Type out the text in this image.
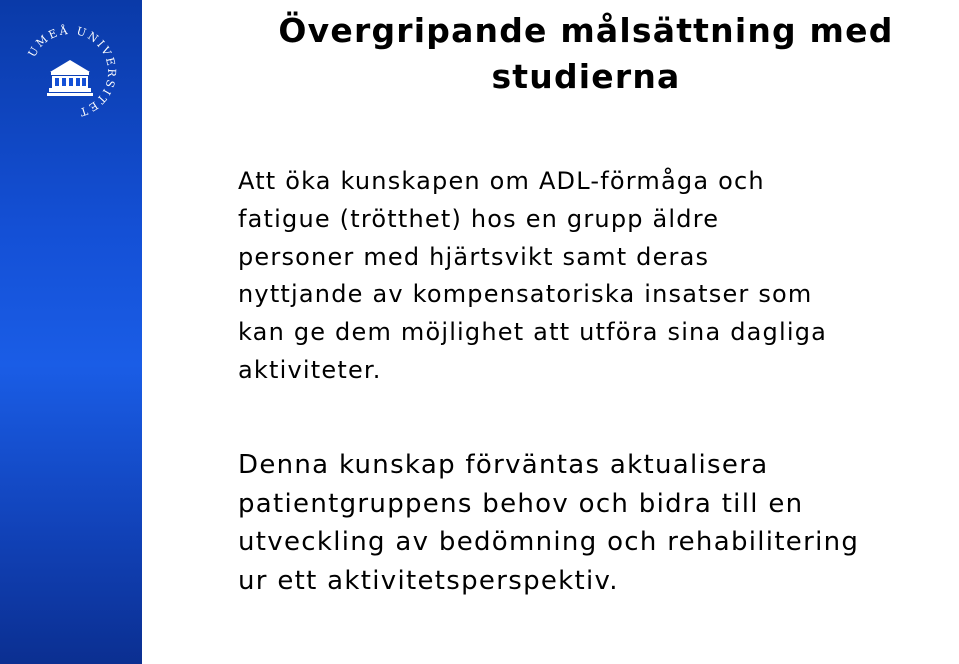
UMEÅ UNIVERSITET
Övergripande målsättning med
studierna

Att öka kunskapen om ADL-förmåga och
fatigue (trötthet) hos en grupp äldre
personer med hjärtsvikt samt deras
nyttjande av kompensatoriska insatser som
kan ge dem möjlighet att utföra sina dagliga
aktiviteter.

Denna kunskap förväntas aktualisera
patientgruppens behov och bidra till en
utveckling av bedömning och rehabilitering
ur ett aktivitetsperspektiv.
